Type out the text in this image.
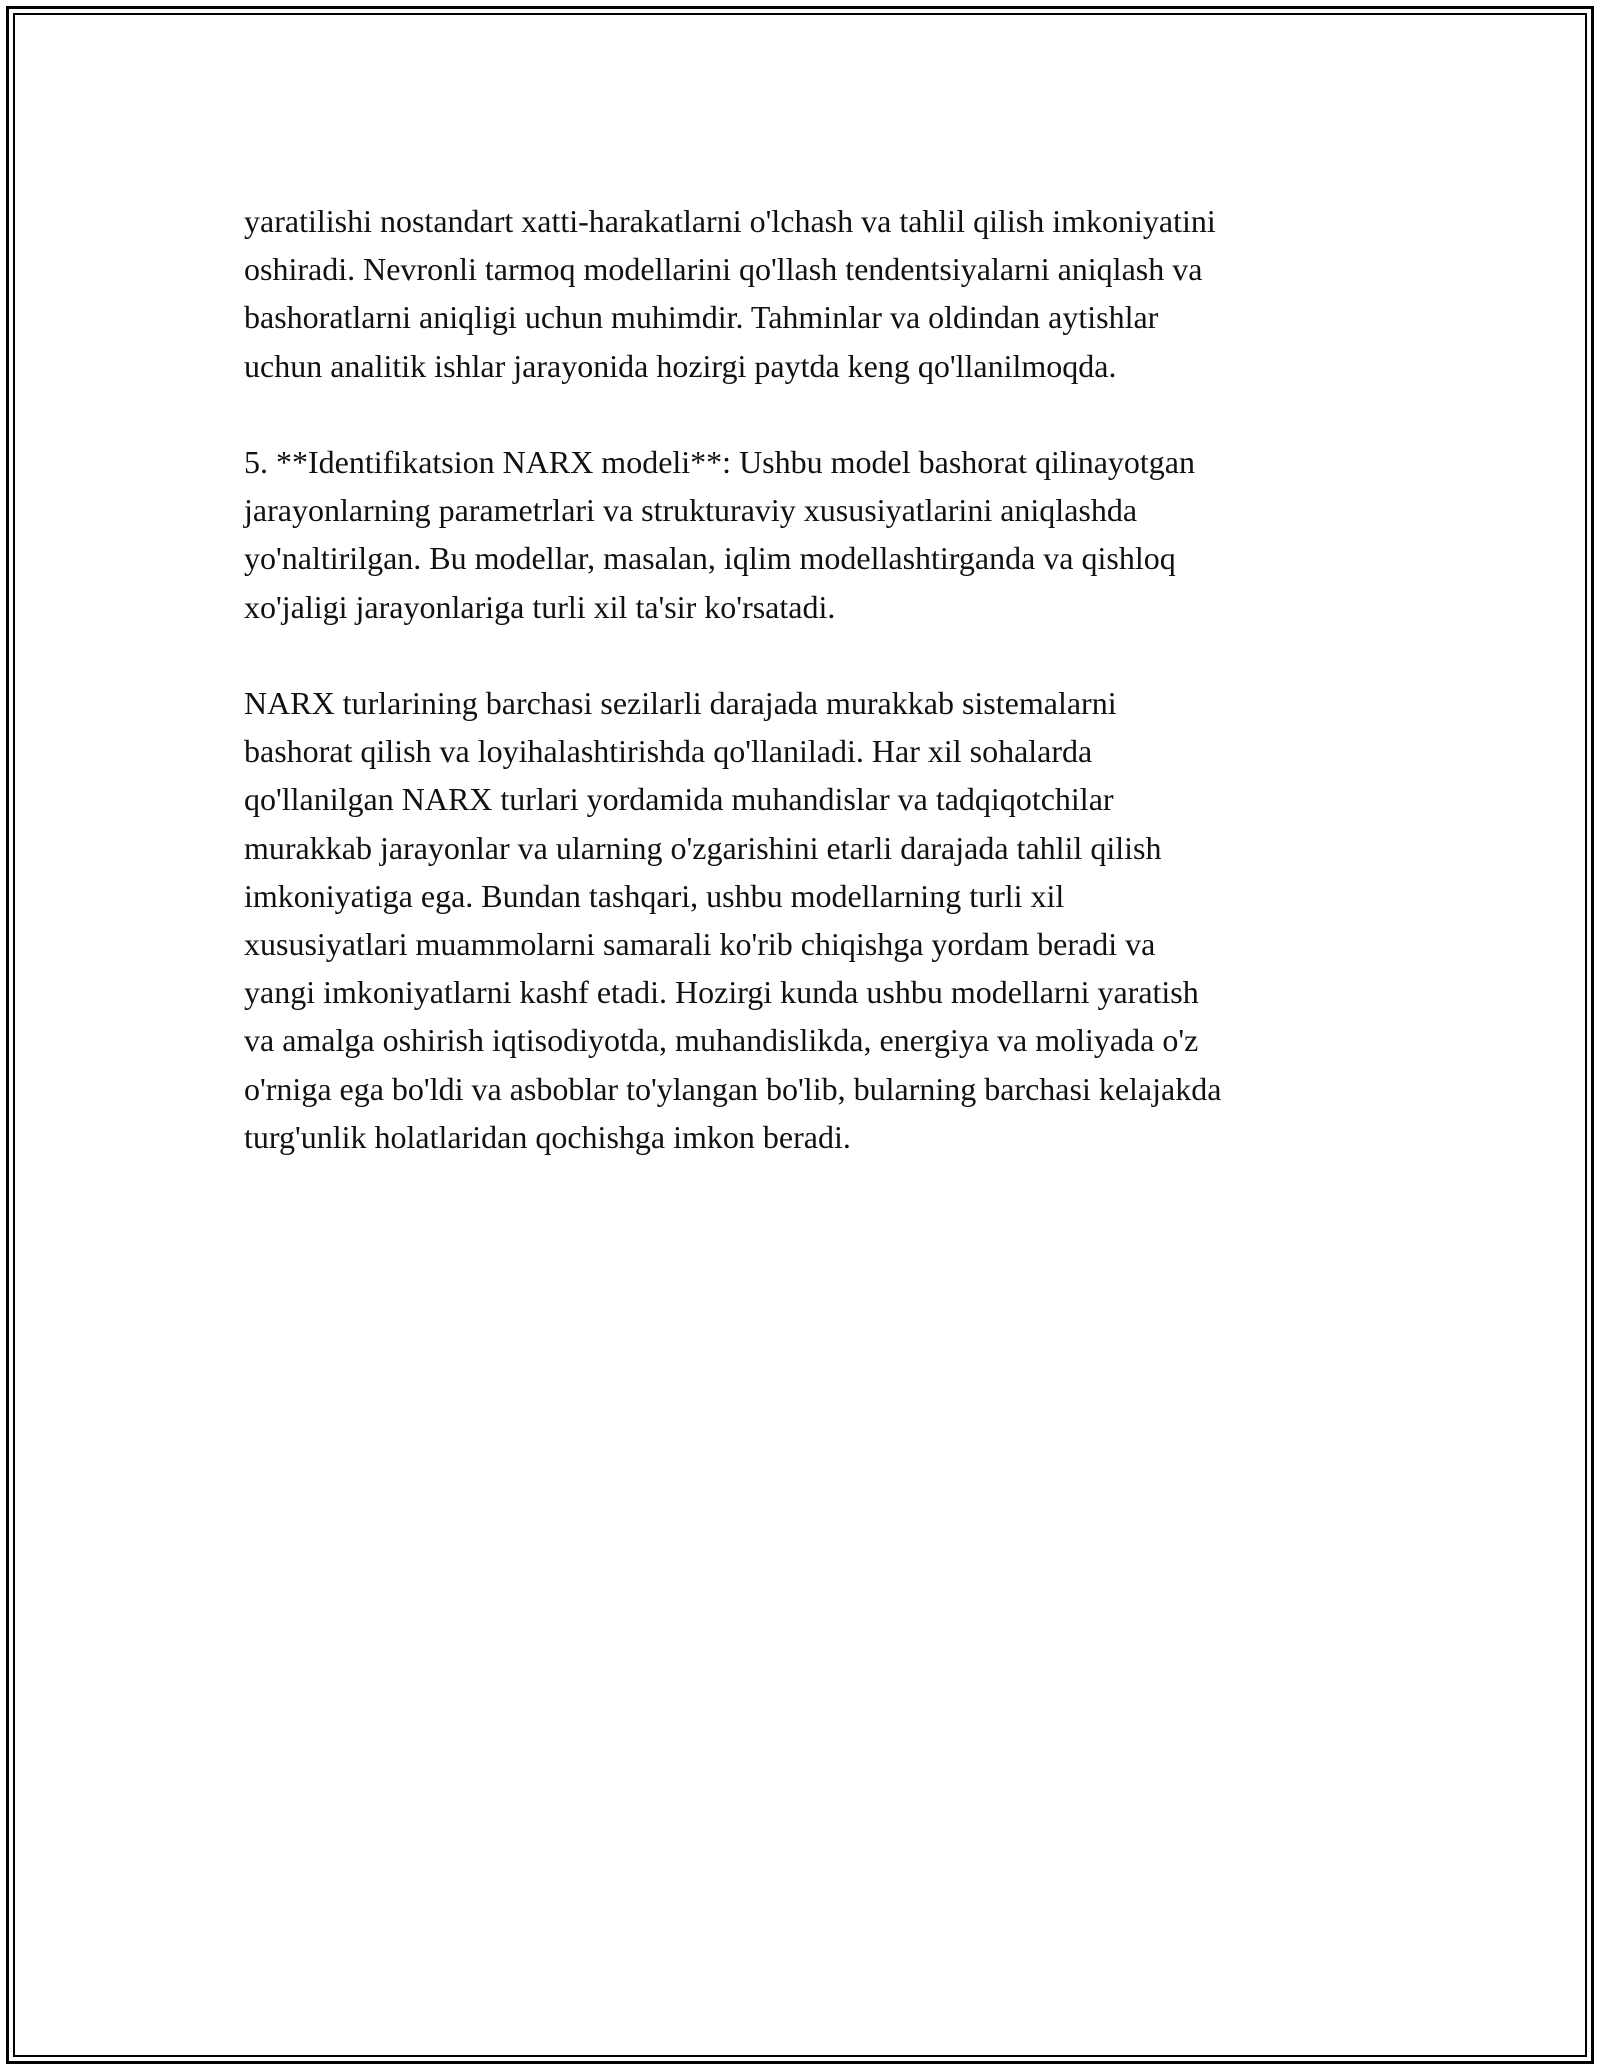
yaratilishi nostandart xatti-harakatlarni o'lchash va tahlil qilish imkoniyatini
oshiradi. Nevronli tarmoq modellarini qo'llash tendentsiyalarni aniqlash va
bashoratlarni aniqligi uchun muhimdir. Tahminlar va oldindan aytishlar
uchun analitik ishlar jarayonida hozirgi paytda keng qo'llanilmoqda.

5. **Identifikatsion NARX modeli**: Ushbu model bashorat qilinayotgan
jarayonlarning parametrlari va strukturaviy xususiyatlarini aniqlashda
yo'naltirilgan. Bu modellar, masalan, iqlim modellashtirganda va qishloq
xo'jaligi jarayonlariga turli xil ta'sir ko'rsatadi.

NARX turlarining barchasi sezilarli darajada murakkab sistemalarni
bashorat qilish va loyihalashtirishda qo'llaniladi. Har xil sohalarda
qo'llanilgan NARX turlari yordamida muhandislar va tadqiqotchilar
murakkab jarayonlar va ularning o'zgarishini etarli darajada tahlil qilish
imkoniyatiga ega. Bundan tashqari, ushbu modellarning turli xil
xususiyatlari muammolarni samarali ko'rib chiqishga yordam beradi va
yangi imkoniyatlarni kashf etadi. Hozirgi kunda ushbu modellarni yaratish
va amalga oshirish iqtisodiyotda, muhandislikda, energiya va moliyada o'z
o'rniga ega bo'ldi va asboblar to'ylangan bo'lib, bularning barchasi kelajakda
turg'unlik holatlaridan qochishga imkon beradi.
